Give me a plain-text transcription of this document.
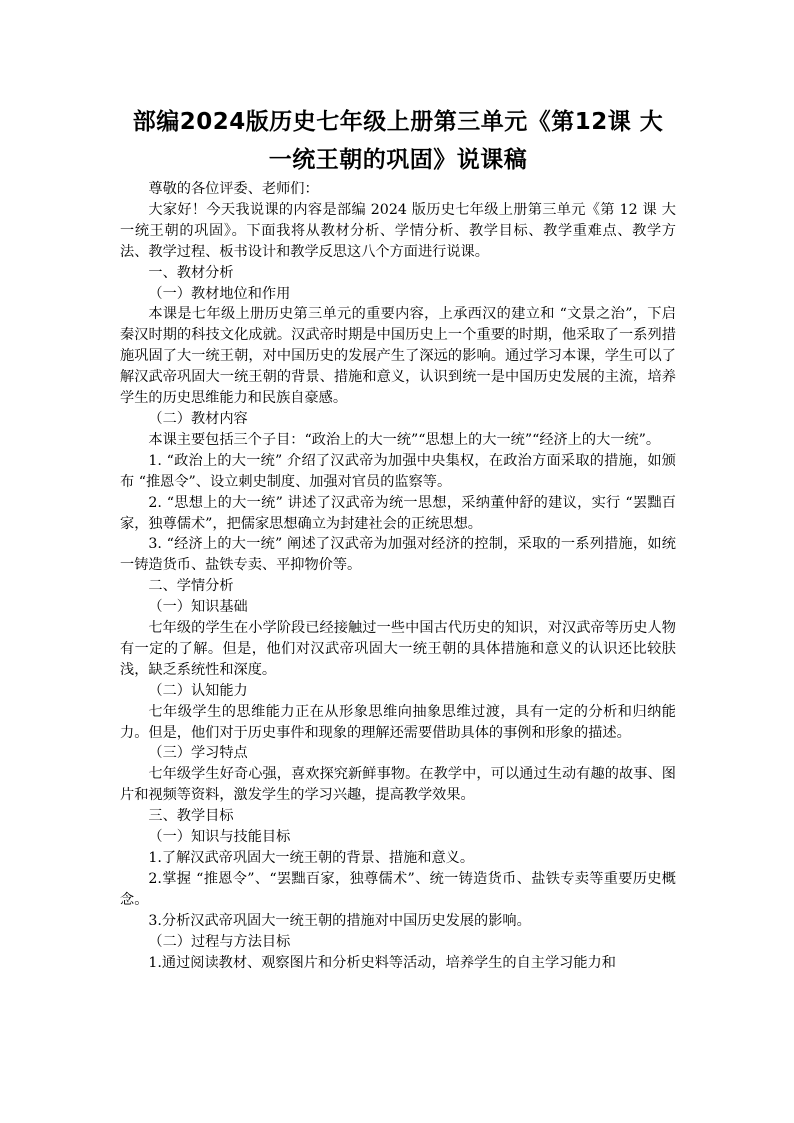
部编2024版历史七年级上册第三单元《第12课 大
一统王朝的巩固》说课稿

尊敬的各位评委、老师们：

大家好！今天我说课的内容是部编 2024 版历史七年级上册第三单元《第 12 课 大一统王朝的巩固》。下面我将从教材分析、学情分析、教学目标、教学重难点、教学方法、教学过程、板书设计和教学反思这八个方面进行说课。

一、教材分析

（一）教材地位和作用

本课是七年级上册历史第三单元的重要内容，上承西汉的建立和 “文景之治”，下启秦汉时期的科技文化成就。汉武帝时期是中国历史上一个重要的时期，他采取了一系列措施巩固了大一统王朝，对中国历史的发展产生了深远的影响。通过学习本课，学生可以了解汉武帝巩固大一统王朝的背景、措施和意义，认识到统一是中国历史发展的主流，培养学生的历史思维能力和民族自豪感。

（二）教材内容

本课主要包括三个子目：“政治上的大一统”“思想上的大一统”“经济上的大一统”。

1. “政治上的大一统” 介绍了汉武帝为加强中央集权，在政治方面采取的措施，如颁布 “推恩令”、设立刺史制度、加强对官员的监察等。

2. “思想上的大一统” 讲述了汉武帝为统一思想，采纳董仲舒的建议，实行 “罢黜百家，独尊儒术”，把儒家思想确立为封建社会的正统思想。

3. “经济上的大一统” 阐述了汉武帝为加强对经济的控制，采取的一系列措施，如统一铸造货币、盐铁专卖、平抑物价等。

二、学情分析

（一）知识基础

七年级的学生在小学阶段已经接触过一些中国古代历史的知识，对汉武帝等历史人物有一定的了解。但是，他们对汉武帝巩固大一统王朝的具体措施和意义的认识还比较肤浅，缺乏系统性和深度。

（二）认知能力

七年级学生的思维能力正在从形象思维向抽象思维过渡，具有一定的分析和归纳能力。但是，他们对于历史事件和现象的理解还需要借助具体的事例和形象的描述。

（三）学习特点

七年级学生好奇心强，喜欢探究新鲜事物。在教学中，可以通过生动有趣的故事、图片和视频等资料，激发学生的学习兴趣，提高教学效果。

三、教学目标

（一）知识与技能目标

1.了解汉武帝巩固大一统王朝的背景、措施和意义。

2.掌握 “推恩令”、“罢黜百家，独尊儒术”、统一铸造货币、盐铁专卖等重要历史概念。

3.分析汉武帝巩固大一统王朝的措施对中国历史发展的影响。

（二）过程与方法目标

1.通过阅读教材、观察图片和分析史料等活动，培养学生的自主学习能力和
